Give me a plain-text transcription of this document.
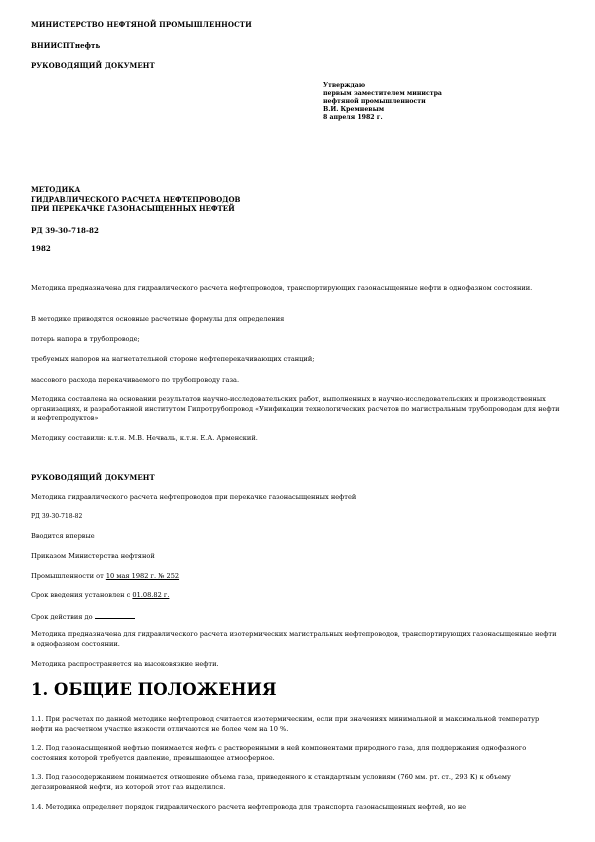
МИНИСТЕРСТВО НЕФТЯНОЙ ПРОМЫШЛЕННОСТИ
ВНИИСПТнефть
РУКОВОДЯЩИЙ ДОКУМЕНТ
Утверждаю
первым заместителем министра
нефтяной промышленности
В.И. Кремневым
8 апреля 1982 г.
МЕТОДИКА
ГИДРАВЛИЧЕСКОГО РАСЧЕТА НЕФТЕПРОВОДОВ
ПРИ ПЕРЕКАЧКЕ ГАЗОНАСЫЩЕННЫХ НЕФТЕЙ
РД 39-30-718-82
1982
Методика предназначена для гидравлического расчета нефтепроводов, транспортирующих газонасыщенные нефти в однофазном состоянии.
В методике приводятся основные расчетные формулы для определения
потерь напора в трубопроводе;
требуемых напоров на нагнетательной стороне нефтеперекачивающих станций;
массового расхода перекачиваемого по трубопроводу газа.
Методика составлена на основании результатов научно-исследовательских работ, выполненных в научно-исследовательских и производственных организациях, и разработанной институтом Гипротрубопровод «Унификации технологических расчетов по магистральным трубопроводам для нефти и нефтепродуктов»
Методику составили: к.т.н. М.В. Нечваль, к.т.н. Е.А. Арменский.
РУКОВОДЯЩИЙ ДОКУМЕНТ
Методика гидравлического расчета нефтепроводов при перекачке газонасыщенных нефтей
РД 39-30-718-82
Вводится впервые
Приказом Министерства нефтяной
Промышленности от 10 мая 1982 г. № 252
Срок введения установлен с 01.08.82 г.
Срок действия до
Методика предназначена для гидравлического расчета изотермических магистральных нефтепроводов, транспортирующих газонасыщенные нефти в однофазном состоянии.
Методика распространяется на высоковязкие нефти.
1. ОБЩИЕ ПОЛОЖЕНИЯ
1.1. При расчетах по данной методике нефтепровод считается изотермическим, если при значениях минимальной и максимальной температур нефти на расчетном участке вязкости отличаются не более чем на 10 %.
1.2. Под газонасыщенной нефтью понимается нефть с растворенными в ней компонентами природного газа, для поддержания однофазного состояния которой требуется давление, превышающее атмосферное.
1.3. Под газосодержанием понимается отношение объема газа, приведенного к стандартным условиям (760 мм. рт. ст., 293 К) к объему дегазированной нефти, из которой этот газ выделился.
1.4. Методика определяет порядок гидравлического расчета нефтепровода для транспорта газонасыщенных нефтей, но не
